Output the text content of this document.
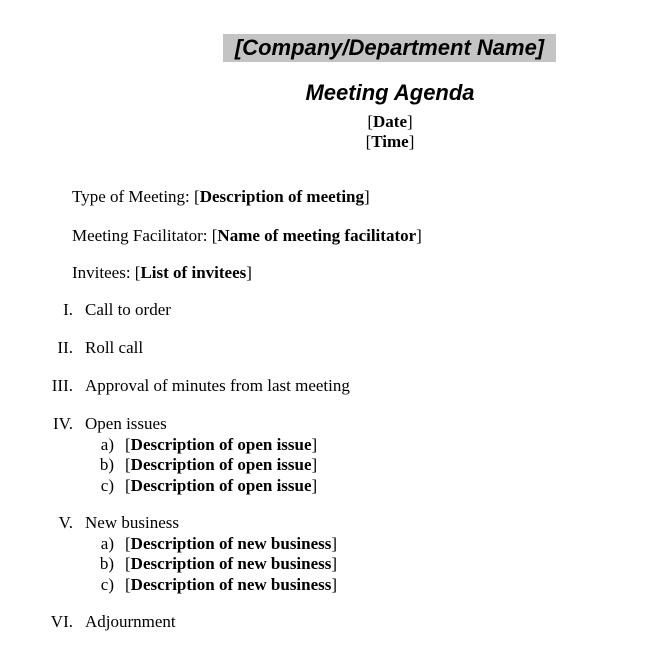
[Company/Department Name]
Meeting Agenda
[Date]
[Time]
Type of Meeting: [Description of meeting]
Meeting Facilitator: [Name of meeting facilitator]
Invitees: [List of invitees]
I. Call to order
II. Roll call
III. Approval of minutes from last meeting
IV. Open issues
a) [Description of open issue]
b) [Description of open issue]
c) [Description of open issue]
V. New business
a) [Description of new business]
b) [Description of new business]
c) [Description of new business]
VI. Adjournment
